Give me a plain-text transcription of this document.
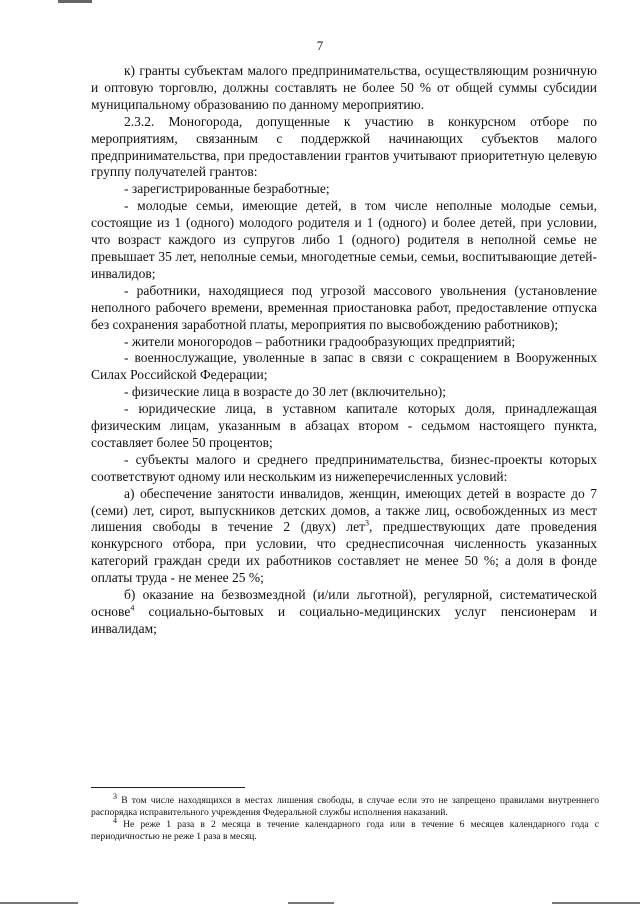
7

к) гранты субъектам малого предпринимательства, осуществляющим розничную и оптовую торговлю, должны составлять не более 50 % от общей суммы субсидии муниципальному образованию по данному мероприятию.

2.3.2. Моногорода, допущенные к участию в конкурсном отборе по мероприятиям, связанным с поддержкой начинающих субъектов малого предпринимательства, при предоставлении грантов учитывают приоритетную целевую группу получателей грантов:

- зарегистрированные безработные;

- молодые семьи, имеющие детей, в том числе неполные молодые семьи, состоящие из 1 (одного) молодого родителя и 1 (одного) и более детей, при условии, что возраст каждого из супругов либо 1 (одного) родителя в неполной семье не превышает 35 лет, неполные семьи, многодетные семьи, семьи, воспитывающие детей-инвалидов;

- работники, находящиеся под угрозой массового увольнения (установление неполного рабочего времени, временная приостановка работ, предоставление отпуска без сохранения заработной платы, мероприятия по высвобождению работников);

- жители моногородов – работники градообразующих предприятий;

- военнослужащие, уволенные в запас в связи с сокращением в Вооруженных Силах Российской Федерации;

- физические лица в возрасте до 30 лет (включительно);

- юридические лица, в уставном капитале которых доля, принадлежащая физическим лицам, указанным в абзацах втором - седьмом настоящего пункта, составляет более 50 процентов;

- субъекты малого и среднего предпринимательства, бизнес-проекты которых соответствуют одному или нескольким из нижеперечисленных условий:

а) обеспечение занятости инвалидов, женщин, имеющих детей в возрасте до 7 (семи) лет, сирот, выпускников детских домов, а также лиц, освобожденных из мест лишения свободы в течение 2 (двух) лет$^3$, предшествующих дате проведения конкурсного отбора, при условии, что среднесписочная численность указанных категорий граждан среди их работников составляет не менее 50 %; а доля в фонде оплаты труда - не менее 25 %;

б) оказание на безвозмездной (и/или льготной), регулярной, систематической основе$^4$ социально-бытовых и социально-медицинских услуг пенсионерам и инвалидам;

$^3$ В том числе находящихся в местах лишения свободы, в случае если это не запрещено правилами внутреннего распорядка исправительного учреждения Федеральной службы исполнения наказаний.

$^4$ Не реже 1 раза в 2 месяца в течение календарного года или в течение 6 месяцев календарного года с периодичностью не реже 1 раза в месяц.
